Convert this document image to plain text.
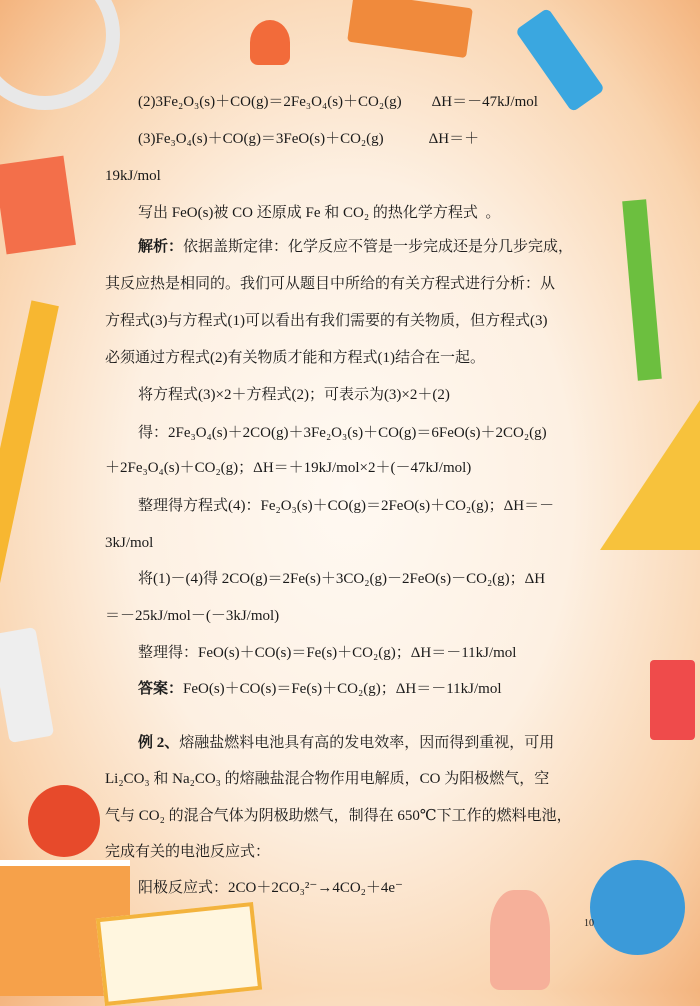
(2)3Fe₂O₃(s)＋CO(g)＝2Fe₃O₄(s)＋CO₂(g)        ΔH＝－47kJ/mol
(3)Fe₃O₄(s)＋CO(g)＝3FeO(s)＋CO₂(g)            ΔH＝＋
19kJ/mol
写出 FeO(s)被 CO 还原成 Fe 和 CO₂ 的热化学方程式  。
解析：依据盖斯定律：化学反应不管是一步完成还是分几步完成，
其反应热是相同的。我们可从题目中所给的有关方程式进行分析：从
方程式(3)与方程式(1)可以看出有我们需要的有关物质，但方程式(3)
必须通过方程式(2)有关物质才能和方程式(1)结合在一起。
将方程式(3)×2＋方程式(2)；可表示为(3)×2＋(2)
得：2Fe₃O₄(s)＋2CO(g)＋3Fe₂O₃(s)＋CO(g)＝6FeO(s)＋2CO₂(g)
＋2Fe₃O₄(s)＋CO₂(g)；ΔH＝＋19kJ/mol×2＋(－47kJ/mol)
整理得方程式(4)：Fe₂O₃(s)＋CO(g)＝2FeO(s)＋CO₂(g)；ΔH＝－
3kJ/mol
将(1)－(4)得 2CO(g)＝2Fe(s)＋3CO₂(g)－2FeO(s)－CO₂(g)；ΔH
＝－25kJ/mol－(－3kJ/mol)
整理得：FeO(s)＋CO(s)＝Fe(s)＋CO₂(g)；ΔH＝－11kJ/mol
答案：FeO(s)＋CO(s)＝Fe(s)＋CO₂(g)；ΔH＝－11kJ/mol
例 2、熔融盐燃料电池具有高的发电效率，因而得到重视，可用
Li₂CO₃ 和 Na₂CO₃ 的熔融盐混合物作用电解质，CO 为阳极燃气，空
气与 CO₂ 的混合气体为阴极助燃气，制得在 650℃下工作的燃料电池，
完成有关的电池反应式：
阳极反应式：2CO＋2CO₃²⁻→4CO₂＋4e⁻
10
